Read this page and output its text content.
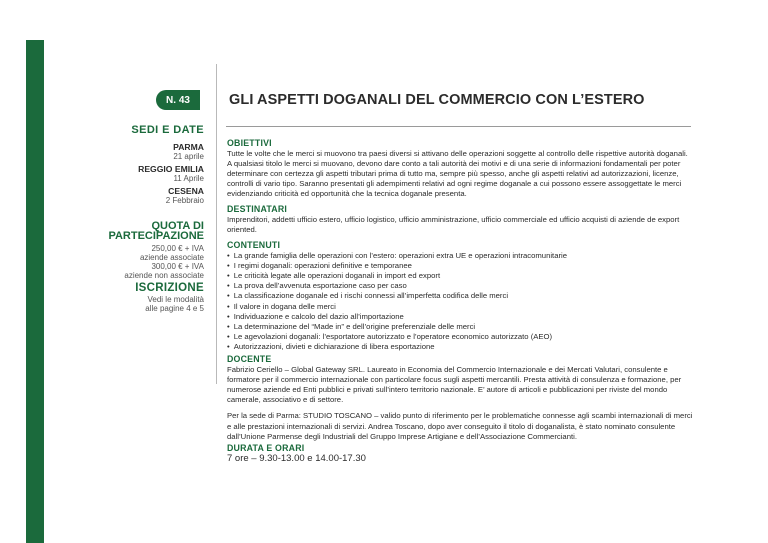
N. 43	GLI ASPETTI DOGANALI DEL COMMERCIO CON L’ESTERO
SEDI E DATE
PARMA
21 aprile
REGGIO EMILIA
11 Aprile
CESENA
2 Febbraio
QUOTA DI
PARTECIPAZIONE
250,00 € + IVA
aziende associate
300,00 € + IVA
aziende non associate
ISCRIZIONE
Vedi le modalità
alle pagine 4 e 5
OBIETTIVI

Tutte le volte che le merci si muovono tra paesi diversi si attivano delle operazioni soggette al controllo delle rispettive autorità doganali. A qualsiasi titolo le merci si muovano, devono dare conto a tali autorità dei motivi e di una serie di informazioni fondamentali per poter determinare con certezza gli aspetti tributari prima di tutto ma, sempre più spesso, anche gli aspetti relativi ad autorizzazioni, licenze, controlli di vario tipo. Saranno presentati gli adempimenti relativi ad ogni regime doganale a cui possono essere assoggettate le merci evidenziando criticità ed opportunità che la tecnica doganale presenta.

DESTINATARI

Imprenditori, addetti ufficio estero, ufficio logistico, ufficio amministrazione, ufficio commerciale ed ufficio acquisti di aziende de export oriented.

CONTENUTI
• La grande famiglia delle operazioni con l’estero: operazioni extra UE e operazioni intracomunitarie
• I regimi doganali: operazioni definitive e temporanee
• Le criticità legate alle operazioni doganali in import ed export
• La prova dell’avvenuta esportazione caso per caso
• La classificazione doganale ed i rischi connessi all’imperfetta codifica delle merci
• Il valore in dogana delle merci
• Individuazione e calcolo del dazio all’importazione
• La determinazione del “Made in” e dell’origine preferenziale delle merci
• Le agevolazioni doganali: l’esportatore autorizzato e l’operatore economico autorizzato (AEO)
• Autorizzazioni, divieti e dichiarazione di libera esportazione
DOCENTE

Fabrizio Ceriello – Global Gateway SRL. Laureato in Economia del Commercio Internazionale e dei Mercati Valutari, consulente e formatore per il commercio internazionale con particolare focus sugli aspetti mercantili. Presta attività di consulenza e formazione, per numerose aziende ed Enti pubblici e privati sull’intero territorio nazionale. E’ autore di articoli e pubblicazioni per riviste del mondo camerale, associativo e di settore.

Per la sede di Parma: STUDIO TOSCANO – valido punto di riferimento per le problematiche connesse agli scambi internazionali di merci e alle prestazioni internazionali di servizi. Andrea Toscano, dopo aver conseguito il titolo di doganalista, è stato nominato consulente dall’Unione Parmense degli Industriali del Gruppo Imprese Artigiane e dell’Associazione Commercianti.

DURATA E ORARI
7 ore – 9.30-13.00 e 14.00-17.30
